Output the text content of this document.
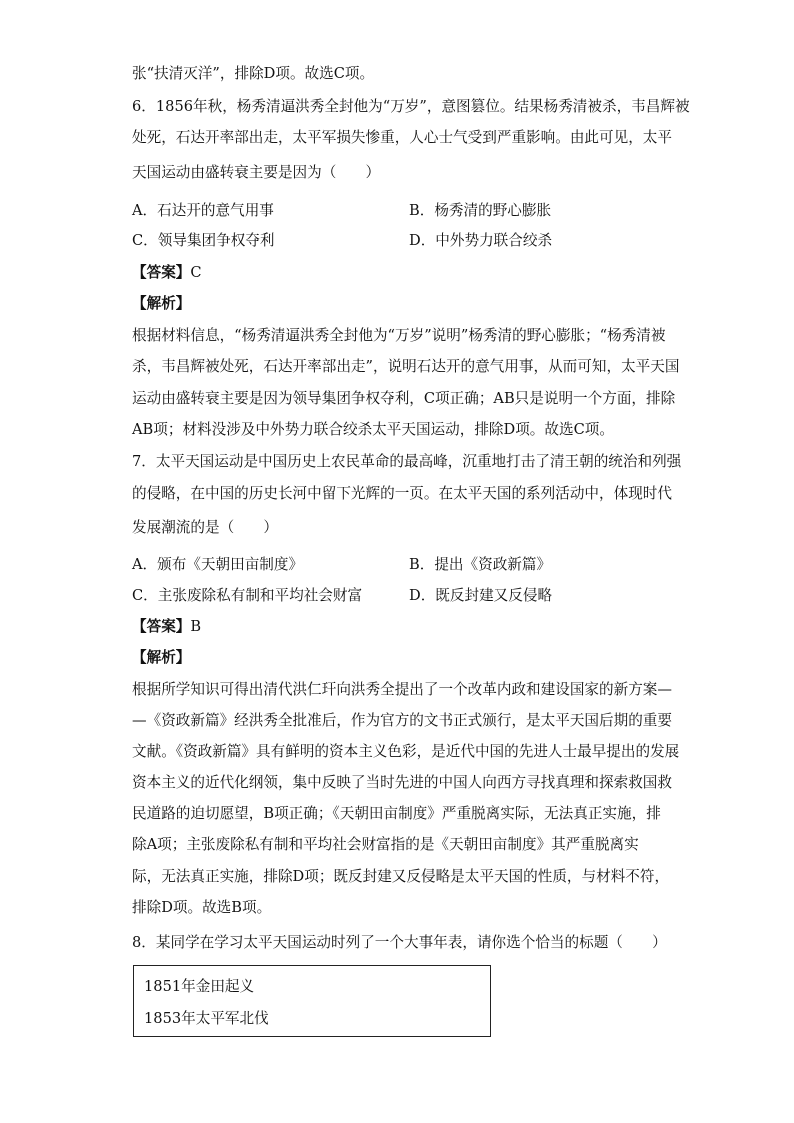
张“扶清灭洋”，排除D项。故选C项。
6．1856年秋，杨秀清逼洪秀全封他为“万岁”，意图篡位。结果杨秀清被杀，韦昌辉被
处死，石达开率部出走，太平军损失惨重，人心士气受到严重影响。由此可见，太平
天国运动由盛转衰主要是因为（　　）
A．石达开的意气用事	B．杨秀清的野心膨胀
C．领导集团争权夺利	D．中外势力联合绞杀
【答案】C
【解析】
根据材料信息，“杨秀清逼洪秀全封他为“万岁”说明”杨秀清的野心膨胀；“杨秀清被
杀，韦昌辉被处死，石达开率部出走”，说明石达开的意气用事，从而可知，太平天国
运动由盛转衰主要是因为领导集团争权夺利，C项正确；AB只是说明一个方面，排除
AB项；材料没涉及中外势力联合绞杀太平天国运动，排除D项。故选C项。
7．太平天国运动是中国历史上农民革命的最高峰，沉重地打击了清王朝的统治和列强
的侵略，在中国的历史长河中留下光辉的一页。在太平天国的系列活动中，体现时代
发展潮流的是（　　）
A．颁布《天朝田亩制度》	B．提出《资政新篇》
C．主张废除私有制和平均社会财富	D．既反封建又反侵略
【答案】B
【解析】
根据所学知识可得出清代洪仁玕向洪秀全提出了一个改革内政和建设国家的新方案—
—《资政新篇》经洪秀全批准后，作为官方的文书正式颁行，是太平天国后期的重要
文献。《资政新篇》具有鲜明的资本主义色彩，是近代中国的先进人士最早提出的发展
资本主义的近代化纲领，集中反映了当时先进的中国人向西方寻找真理和探索救国救
民道路的迫切愿望，B项正确；《天朝田亩制度》严重脱离实际，无法真正实施，排
除A项；主张废除私有制和平均社会财富指的是《天朝田亩制度》其严重脱离实
际，无法真正实施，排除D项；既反封建又反侵略是太平天国的性质，与材料不符，
排除D项。故选B项。
8．某同学在学习太平天国运动时列了一个大事年表，请你选个恰当的标题（　　）
1851年金田起义
1853年太平军北伐
